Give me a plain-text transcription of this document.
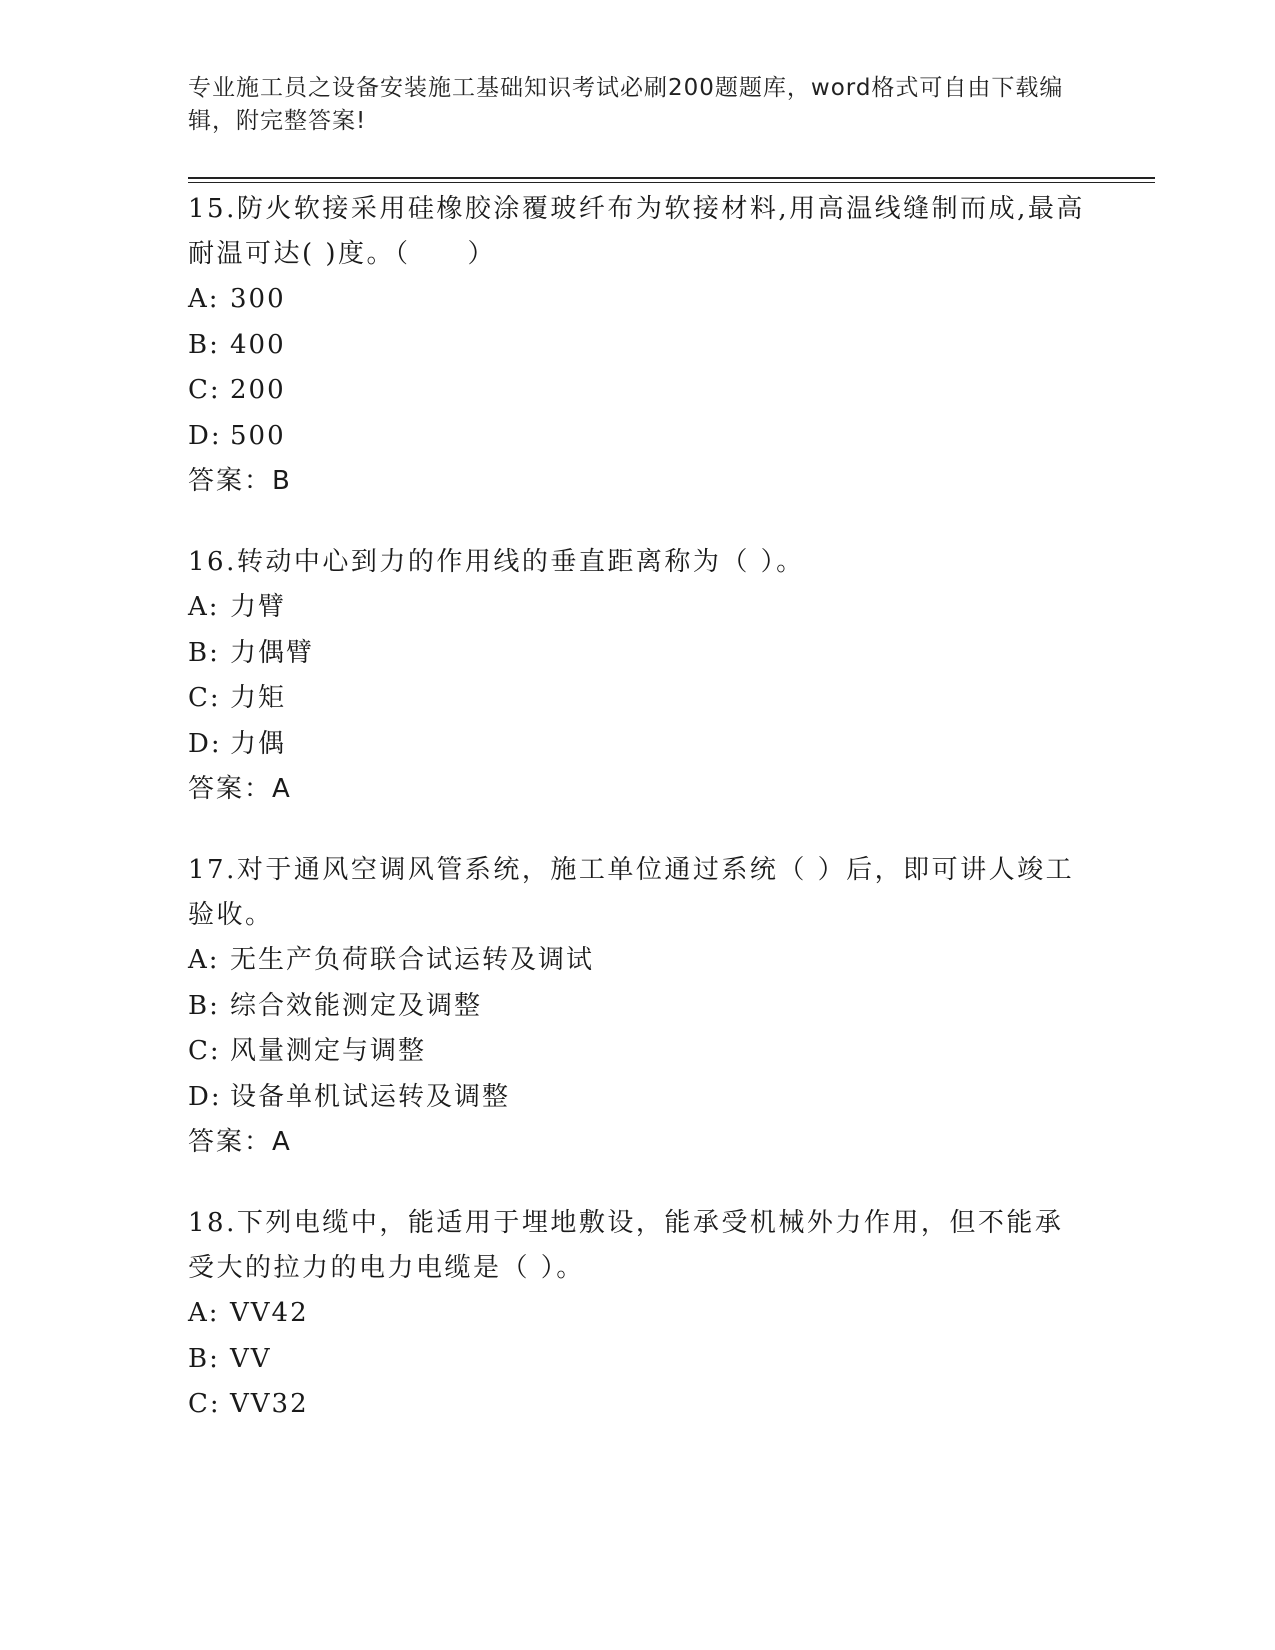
专业施工员之设备安装施工基础知识考试必刷200题题库，word格式可自由下载编辑，附完整答案!

15.防火软接采用硅橡胶涂覆玻纤布为软接材料,用高温线缝制而成,最高耐温可达( )度。（　　）

A: 300

B: 400

C: 200

D: 500

答案：B

16.转动中心到力的作用线的垂直距离称为（ ）。

A: 力臂

B: 力偶臂

C: 力矩

D: 力偶

答案：A

17.对于通风空调风管系统，施工单位通过系统（ ）后，即可讲人竣工验收。

A: 无生产负荷联合试运转及调试

B: 综合效能测定及调整

C: 风量测定与调整

D: 设备单机试运转及调整

答案：A

18.下列电缆中，能适用于埋地敷设，能承受机械外力作用，但不能承受大的拉力的电力电缆是（ ）。

A: VV42

B: VV

C: VV32
